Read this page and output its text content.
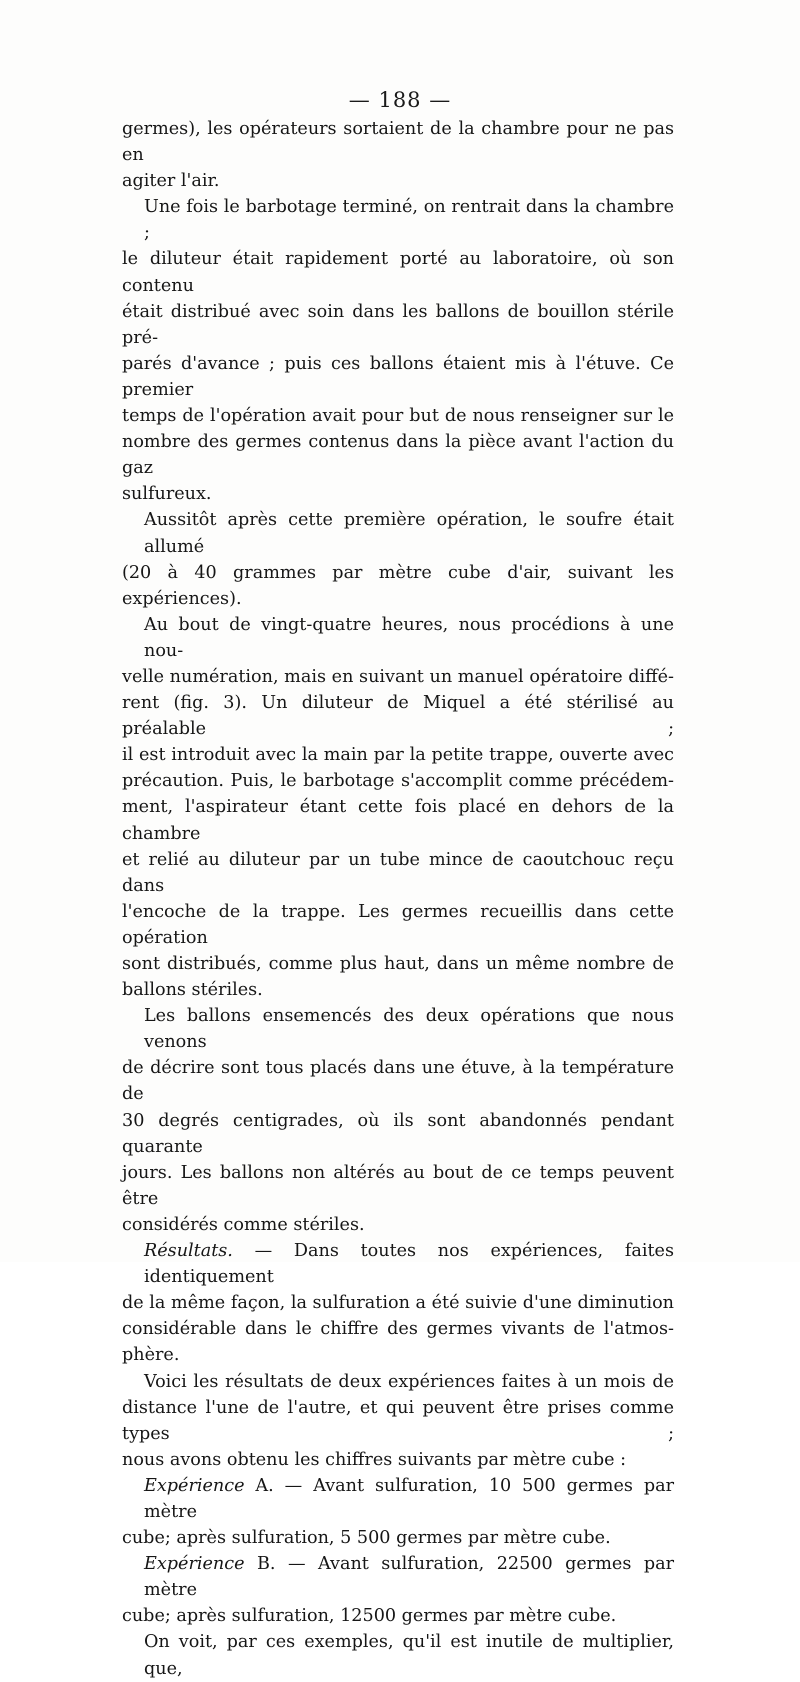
— 188 —

germes), les opérateurs sortaient de la chambre pour ne pas en
agiter l'air.

Une fois le barbotage terminé, on rentrait dans la chambre ;
le diluteur était rapidement porté au laboratoire, où son contenu
était distribué avec soin dans les ballons de bouillon stérile pré-
parés d'avance ; puis ces ballons étaient mis à l'étuve. Ce premier
temps de l'opération avait pour but de nous renseigner sur le
nombre des germes contenus dans la pièce avant l'action du gaz
sulfureux.

Aussitôt après cette première opération, le soufre était allumé
(20 à 40 grammes par mètre cube d'air, suivant les expériences).

Au bout de vingt-quatre heures, nous procédions à une nou-
velle numération, mais en suivant un manuel opératoire diffé-
rent (fig. 3). Un diluteur de Miquel a été stérilisé au préalable ;
il est introduit avec la main par la petite trappe, ouverte avec
précaution. Puis, le barbotage s'accomplit comme précédem-
ment, l'aspirateur étant cette fois placé en dehors de la chambre
et relié au diluteur par un tube mince de caoutchouc reçu dans
l'encoche de la trappe. Les germes recueillis dans cette opération
sont distribués, comme plus haut, dans un même nombre de
ballons stériles.

Les ballons ensemencés des deux opérations que nous venons
de décrire sont tous placés dans une étuve, à la température de
30 degrés centigrades, où ils sont abandonnés pendant quarante
jours. Les ballons non altérés au bout de ce temps peuvent être
considérés comme stériles.

Résultats. — Dans toutes nos expériences, faites identiquement
de la même façon, la sulfuration a été suivie d'une diminution
considérable dans le chiffre des germes vivants de l'atmos-
phère.

Voici les résultats de deux expériences faites à un mois de
distance l'une de l'autre, et qui peuvent être prises comme types ;
nous avons obtenu les chiffres suivants par mètre cube :

Expérience A. — Avant sulfuration, 10 500 germes par mètre
cube; après sulfuration, 5 500 germes par mètre cube.

Expérience B. — Avant sulfuration, 22500 germes par mètre
cube; après sulfuration, 12500 germes par mètre cube.

On voit, par ces exemples, qu'il est inutile de multiplier, que,
